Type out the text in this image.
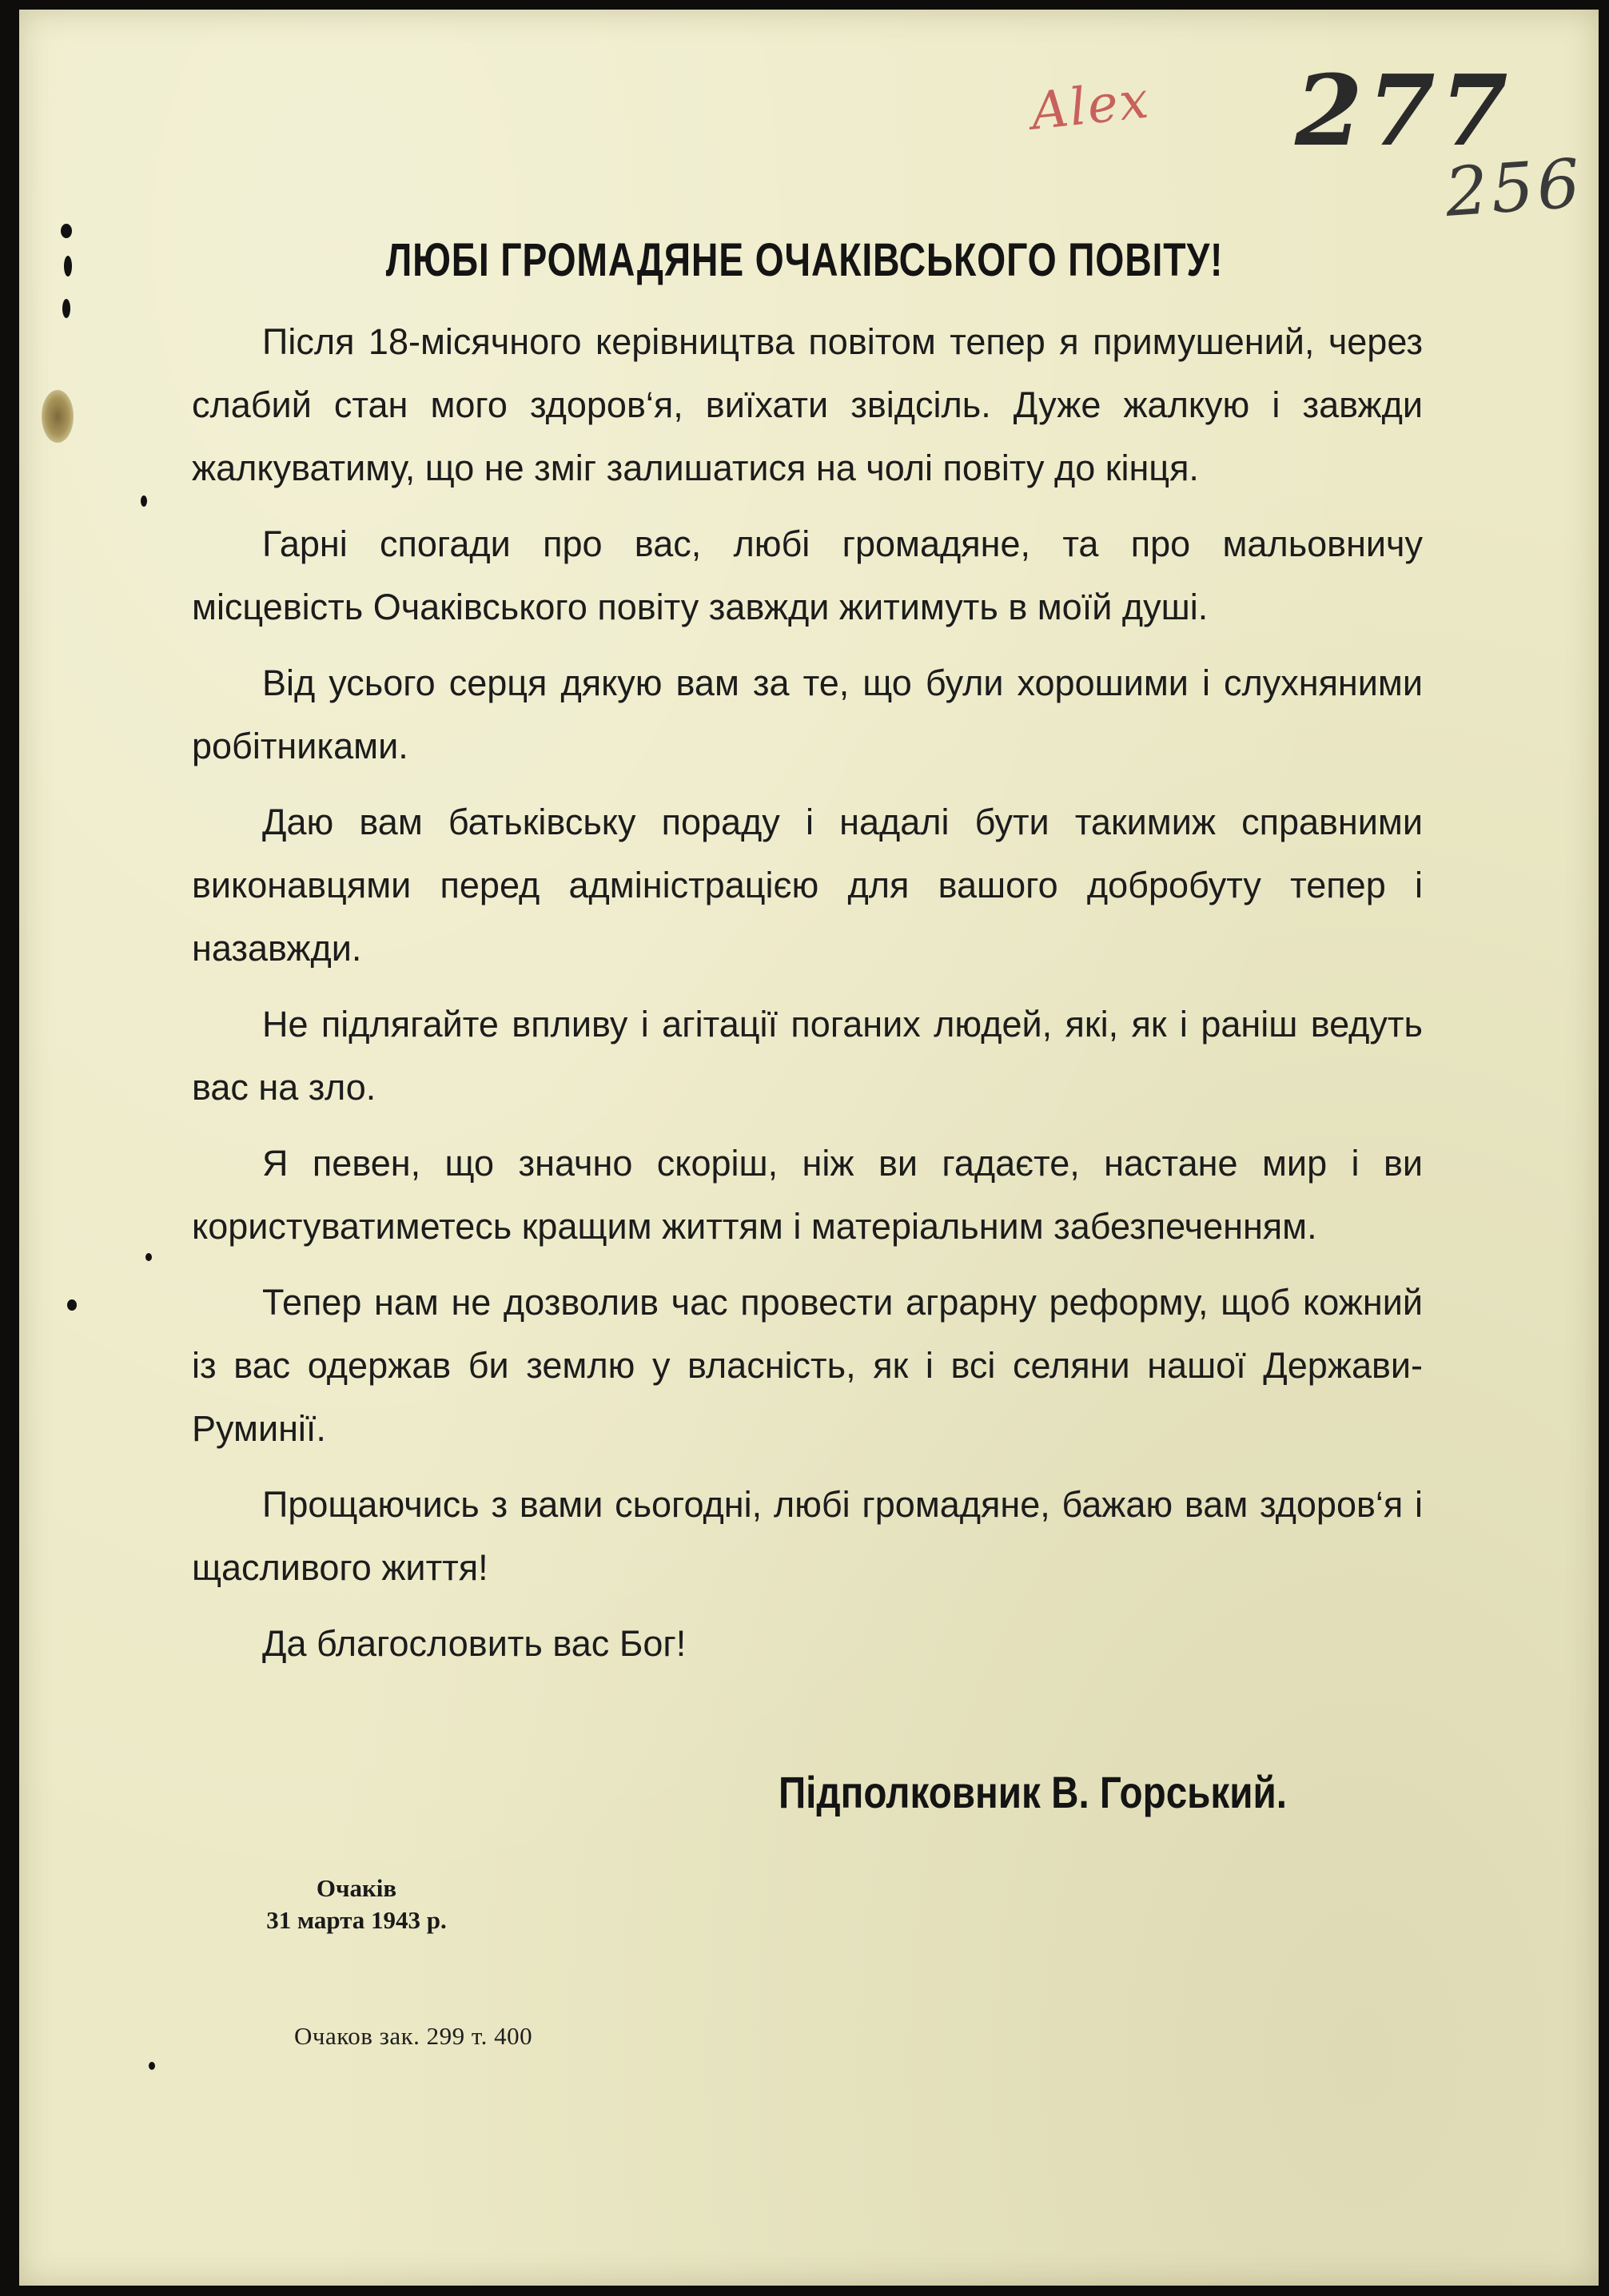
Alex 277
256
ЛЮБІ ГРОМАДЯНЕ ОЧАКІВСЬКОГО ПОВІТУ!

Після 18-місячного керівництва повітом тепер я примушений, через слабий стан мого здоров‘я, виїхати звідсіль. Дуже жалкую і завжди жалкуватиму, що не зміг залишатися на чолі повіту до кінця.

Гарні спогади про вас, любі громадяне, та про мальовничу місцевість Очаківського повіту завжди житимуть в моїй душі.

Від усього серця дякую вам за те, що були хорошими і слухняними робітниками.

Даю вам батьківську пораду і надалі бути такимиж справними виконавцями перед адміністрацією для вашого добробуту тепер і назавжди.

Не підлягайте впливу і агітації поганих людей, які, як і раніш ведуть вас на зло.

Я певен, що значно скоріш, ніж ви гадаєте, настане мир і ви користуватиметесь кращим життям і матеріальним забезпеченням.

Тепер нам не дозволив час провести аграрну реформу, щоб кожний із вас одержав би землю у власність, як і всі селяни нашої Держави-Руминії.

Прощаючись з вами сьогодні, любі громадяне, бажаю вам здоров‘я і щасливого життя!

Да благословить вас Бог!

Підполковник В. Горський.
Очаків
31 марта 1943 р.
Очаков зак. 299 т. 400
